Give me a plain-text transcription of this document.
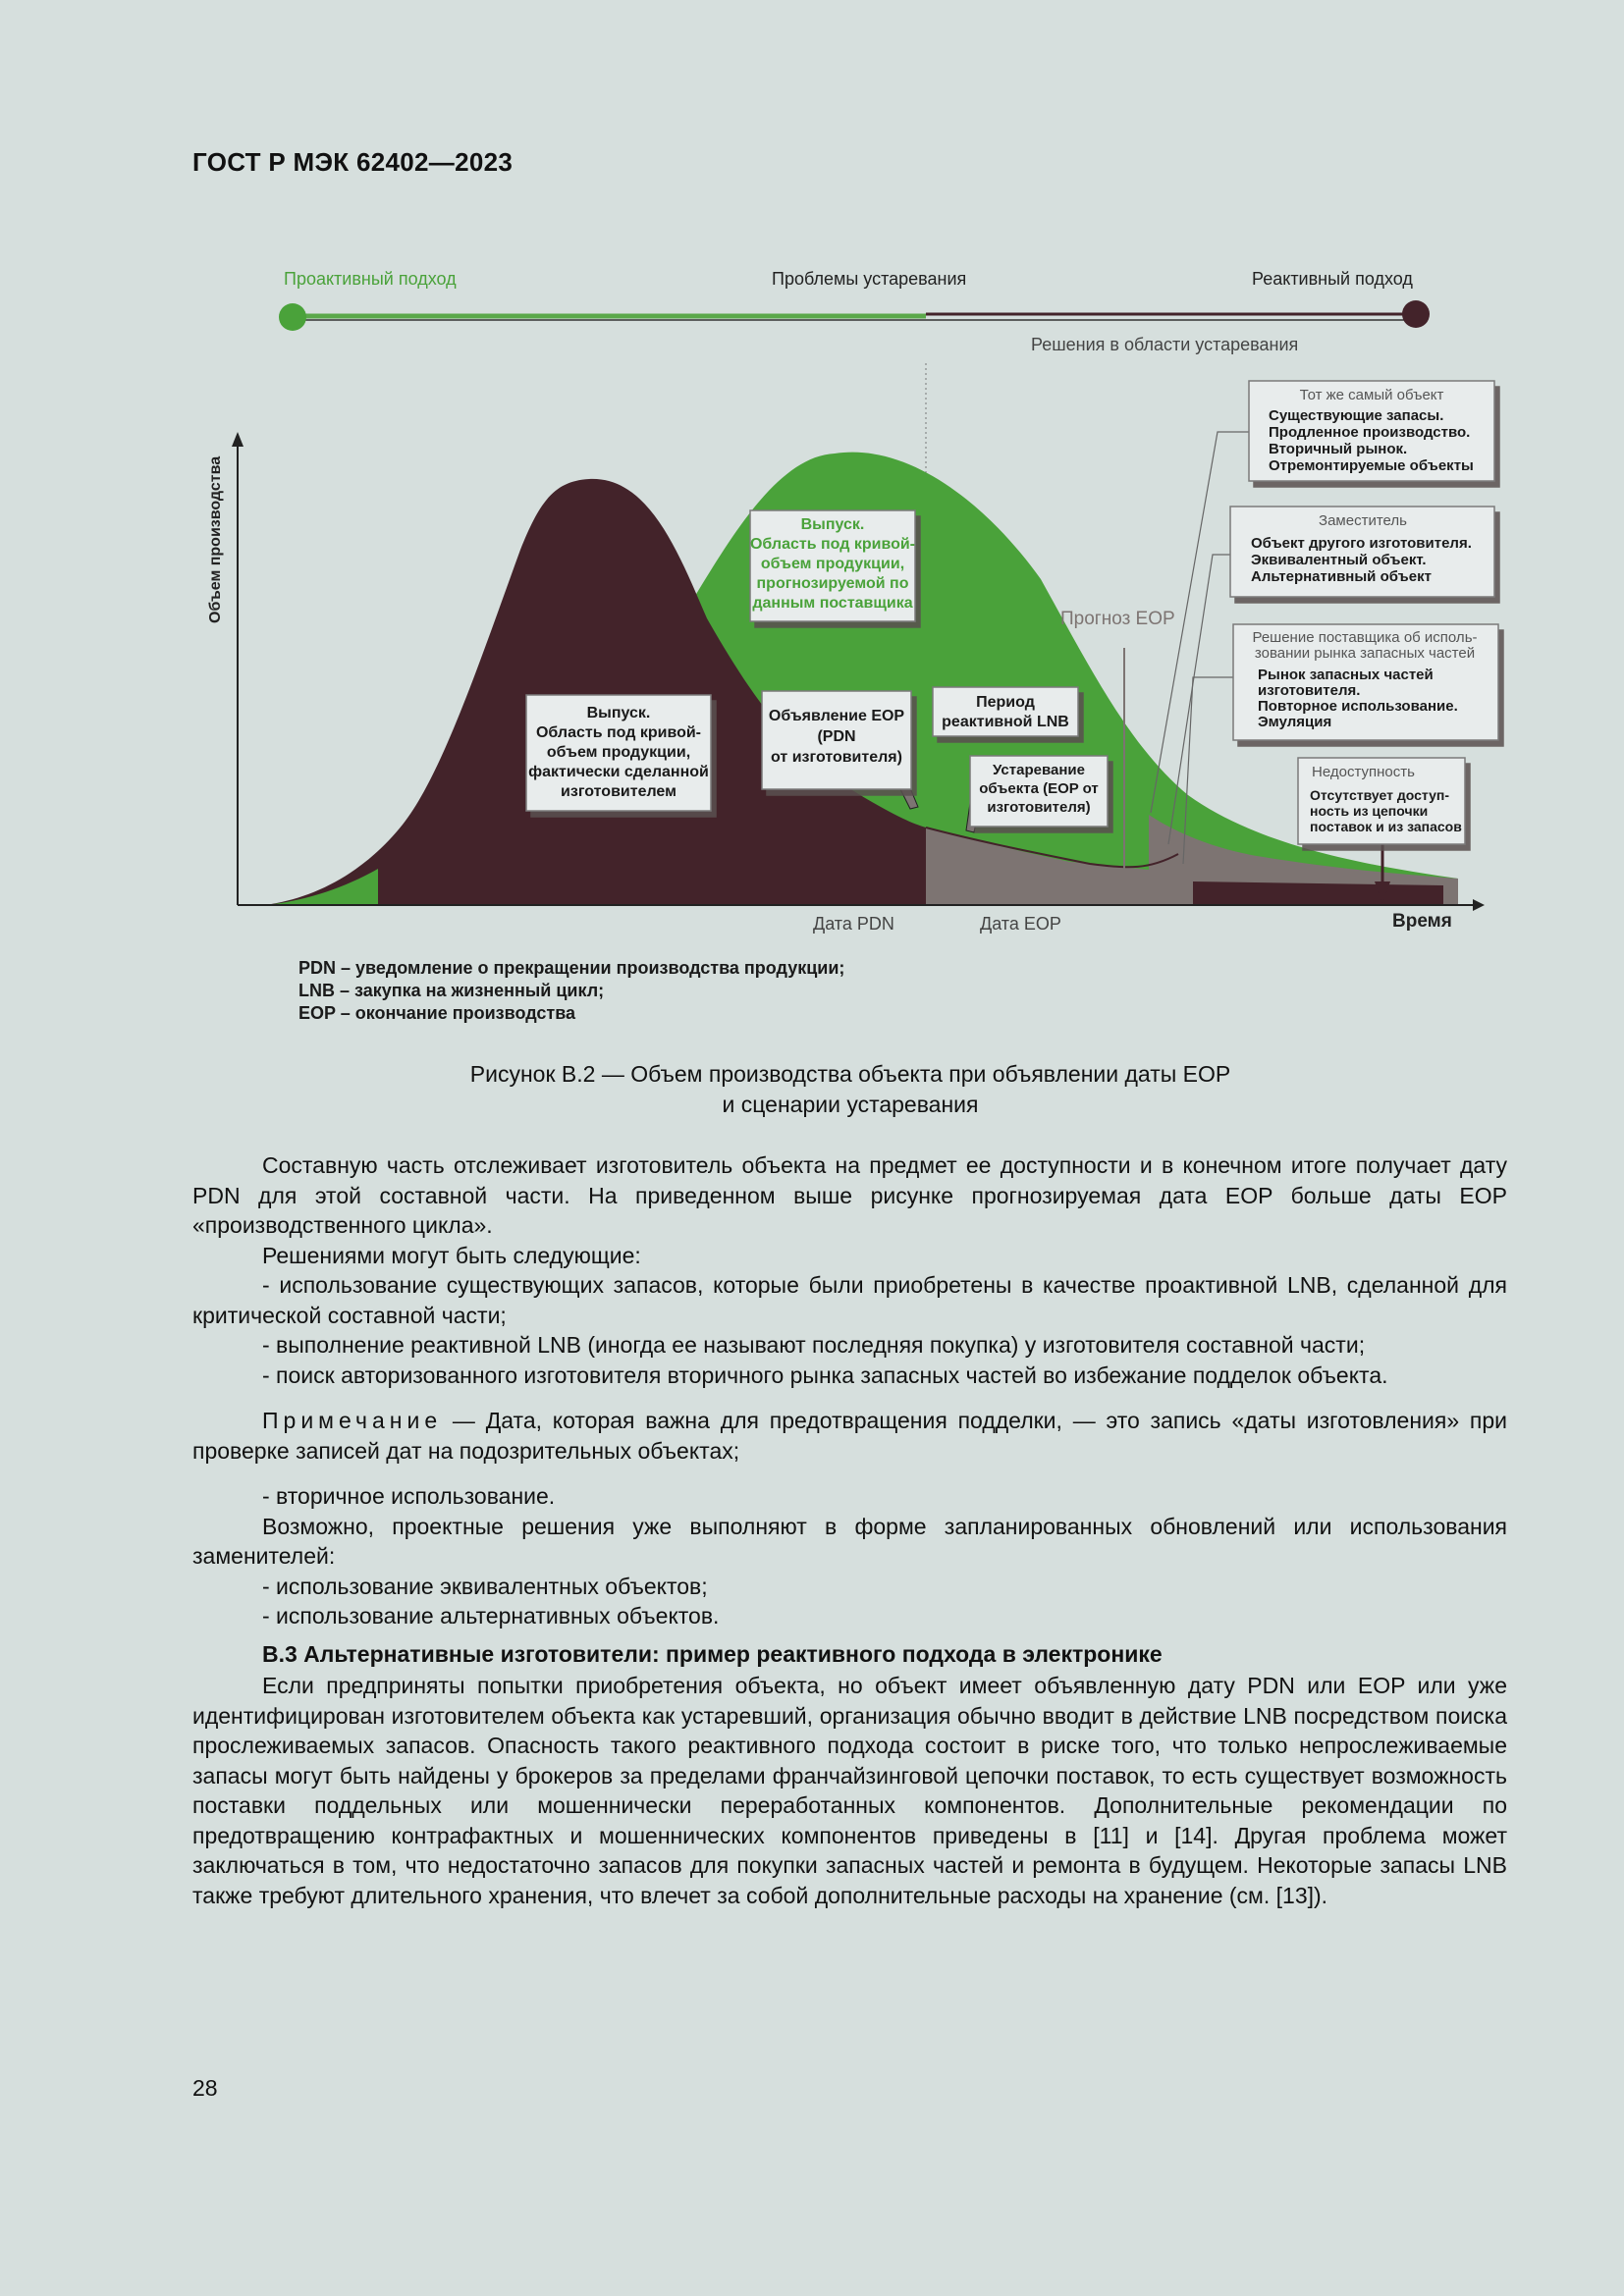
ГОСТ Р МЭК 62402—2023
Проактивный подход	Проблемы устаревания	Реактивный подход
Решения в области устаревания
Объем производства	Прогноз EOP
Дата PDN	Дата EOP	Время
Выпуск.
Область под кривой-
объем продукции,
фактически сделанной
изготовителем
Выпуск.
Область под кривой-
объем продукции,
прогнозируемой по
данным поставщика
Объявление EOP
(PDN
от изготовителя)
Период
реактивной LNB
Устаревание
объекта (EOP от
изготовителя)
Тот же самый объект
Существующие запасы.
Продленное производство.
Вторичный рынок.
Отремонтируемые объекты
Заместитель
Объект другого изготовителя.
Эквивалентный объект.
Альтернативный объект
Решение поставщика об исполь-
зовании рынка запасных частей
Рынок запасных частей
изготовителя.
Повторное использование.
Эмуляция
Недоступность
Отсутствует доступ-
ность из цепочки
поставок и из запасов
PDN – уведомление о прекращении производства продукции;
LNB – закупка на жизненный цикл;
EOP – окончание производства
Рисунок В.2 — Объем производства объекта при объявлении даты EOP
и сценарии устаревания

Составную часть отслеживает изготовитель объекта на предмет ее доступности и в конечном итоге получает дату PDN для этой составной части. На приведенном выше рисунке прогнозируемая дата EOP больше даты EOP «производственного цикла».

Решениями могут быть следующие:

- использование существующих запасов, которые были приобретены в качестве проактивной LNB, сделанной для критической составной части;

- выполнение реактивной LNB (иногда ее называют последняя покупка) у изготовителя составной части;

- поиск авторизованного изготовителя вторичного рынка запасных частей во избежание подделок объекта.

Примечание — Дата, которая важна для предотвращения подделки, — это запись «даты изготовления» при проверке записей дат на подозрительных объектах;

- вторичное использование.

Возможно, проектные решения уже выполняют в форме запланированных обновлений или использования заменителей:

- использование эквивалентных объектов;

- использование альтернативных объектов.

В.3 Альтернативные изготовители: пример реактивного подхода в электронике

Если предприняты попытки приобретения объекта, но объект имеет объявленную дату PDN или EOP или уже идентифицирован изготовителем объекта как устаревший, организация обычно вводит в действие LNB посредством поиска прослеживаемых запасов. Опасность такого реактивного подхода состоит в риске того, что только непрослеживаемые запасы могут быть найдены у брокеров за пределами франчайзинговой цепочки поставок, то есть существует возможность поставки поддельных или мошеннически переработанных компонентов. Дополнительные рекомендации по предотвращению контрафактных и мошеннических компонентов приведены в [11] и [14]. Другая проблема может заключаться в том, что недостаточно запасов для покупки запасных частей и ремонта в будущем. Некоторые запасы LNB также требуют длительного хранения, что влечет за собой дополнительные расходы на хранение (см. [13]).

28
